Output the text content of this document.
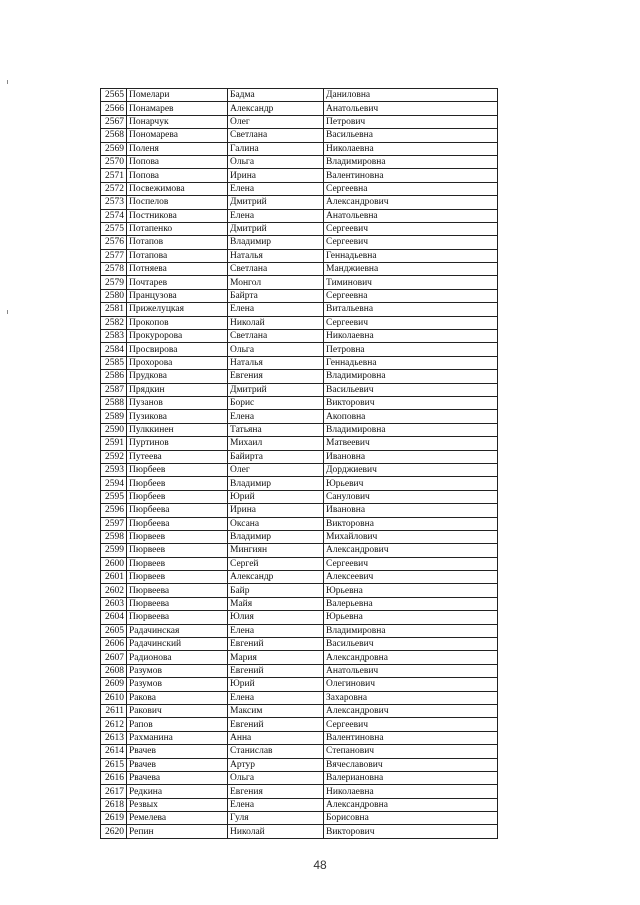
2565	Помелари	Бадма	Даниловна
2566	Понамарев	Александр	Анатольевич
2567	Понарчук	Олег	Петрович
2568	Пономарева	Светлана	Васильевна
2569	Поленя	Галина	Николаевна
2570	Попова	Ольга	Владимировна
2571	Попова	Ирина	Валентиновна
2572	Посвежимова	Елена	Сергеевна
2573	Поспелов	Дмитрий	Александрович
2574	Постникова	Елена	Анатольевна
2575	Потапенко	Дмитрий	Сергеевич
2576	Потапов	Владимир	Сергеевич
2577	Потапова	Наталья	Геннадьевна
2578	Потняева	Светлана	Манджиевна
2579	Почтарев	Монгол	Тиминович
2580	Пранцузова	Байрта	Сергеевна
2581	Прижелуцкая	Елена	Витальевна
2582	Прокопов	Николай	Сергеевич
2583	Прокуророва	Светлана	Николаевна
2584	Просвирова	Ольга	Петровна
2585	Прохорова	Наталья	Геннадьевна
2586	Прудкова	Евгения	Владимировна
2587	Прядкин	Дмитрий	Васильевич
2588	Пузанов	Борис	Викторович
2589	Пузикова	Елена	Акоповна
2590	Пулккинен	Татьяна	Владимировна
2591	Пуртинов	Михаил	Матвеевич
2592	Путеева	Байирта	Ивановна
2593	Пюрбеев	Олег	Дорджиевич
2594	Пюрбеев	Владимир	Юрьевич
2595	Пюрбеев	Юрий	Санулович
2596	Пюрбеева	Ирина	Ивановна
2597	Пюрбеева	Оксана	Викторовна
2598	Пюрвеев	Владимир	Михайлович
2599	Пюрвеев	Мингиян	Александрович
2600	Пюрвеев	Сергей	Сергеевич
2601	Пюрвеев	Александр	Алексеевич
2602	Пюрвеева	Байр	Юрьевна
2603	Пюрвеева	Майя	Валерьевна
2604	Пюрвеева	Юлия	Юрьевна
2605	Радачинская	Елена	Владимировна
2606	Радачинский	Евгений	Васильевич
2607	Радионова	Мария	Александровна
2608	Разумов	Евгений	Анатольевич
2609	Разумов	Юрий	Олегинович
2610	Ракова	Елена	Захаровна
2611	Ракович	Максим	Александрович
2612	Рапов	Евгений	Сергеевич
2613	Рахманина	Анна	Валентиновна
2614	Рвачев	Станислав	Степанович
2615	Рвачев	Артур	Вячеславович
2616	Рвачева	Ольга	Валериановна
2617	Редкина	Евгения	Николаевна
2618	Резвых	Елена	Александровна
2619	Ремелева	Гуля	Борисовна
2620	Репин	Николай	Викторович
48
